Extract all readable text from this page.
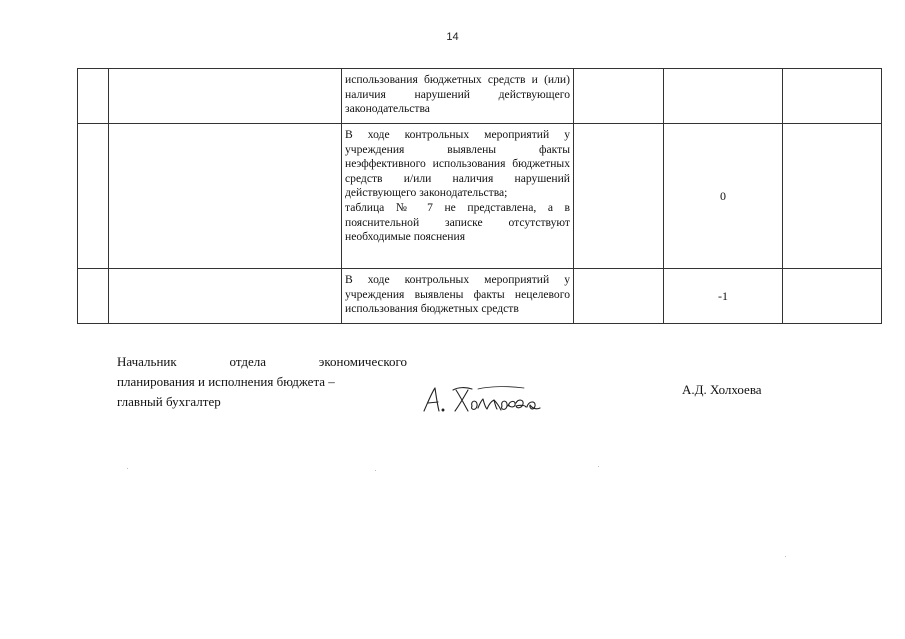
14

		использования бюджетных средств и (или) наличия нарушений действующего законодательства			

		В ходе контрольных мероприятий у учреждения выявлены факты неэффективного использования бюджетных средств и/или наличия нарушений действующего законодательства;
таблица № 7 не представлена, а в пояснительной записке отсутствуют необходимые пояснения		0	

		В ходе контрольных мероприятий у учреждения выявлены факты нецелевого использования бюджетных средств		-1	
Начальник	отдела	экономического
планирования и исполнения бюджета –
главный бухгалтер
А.Д. Холхоева
